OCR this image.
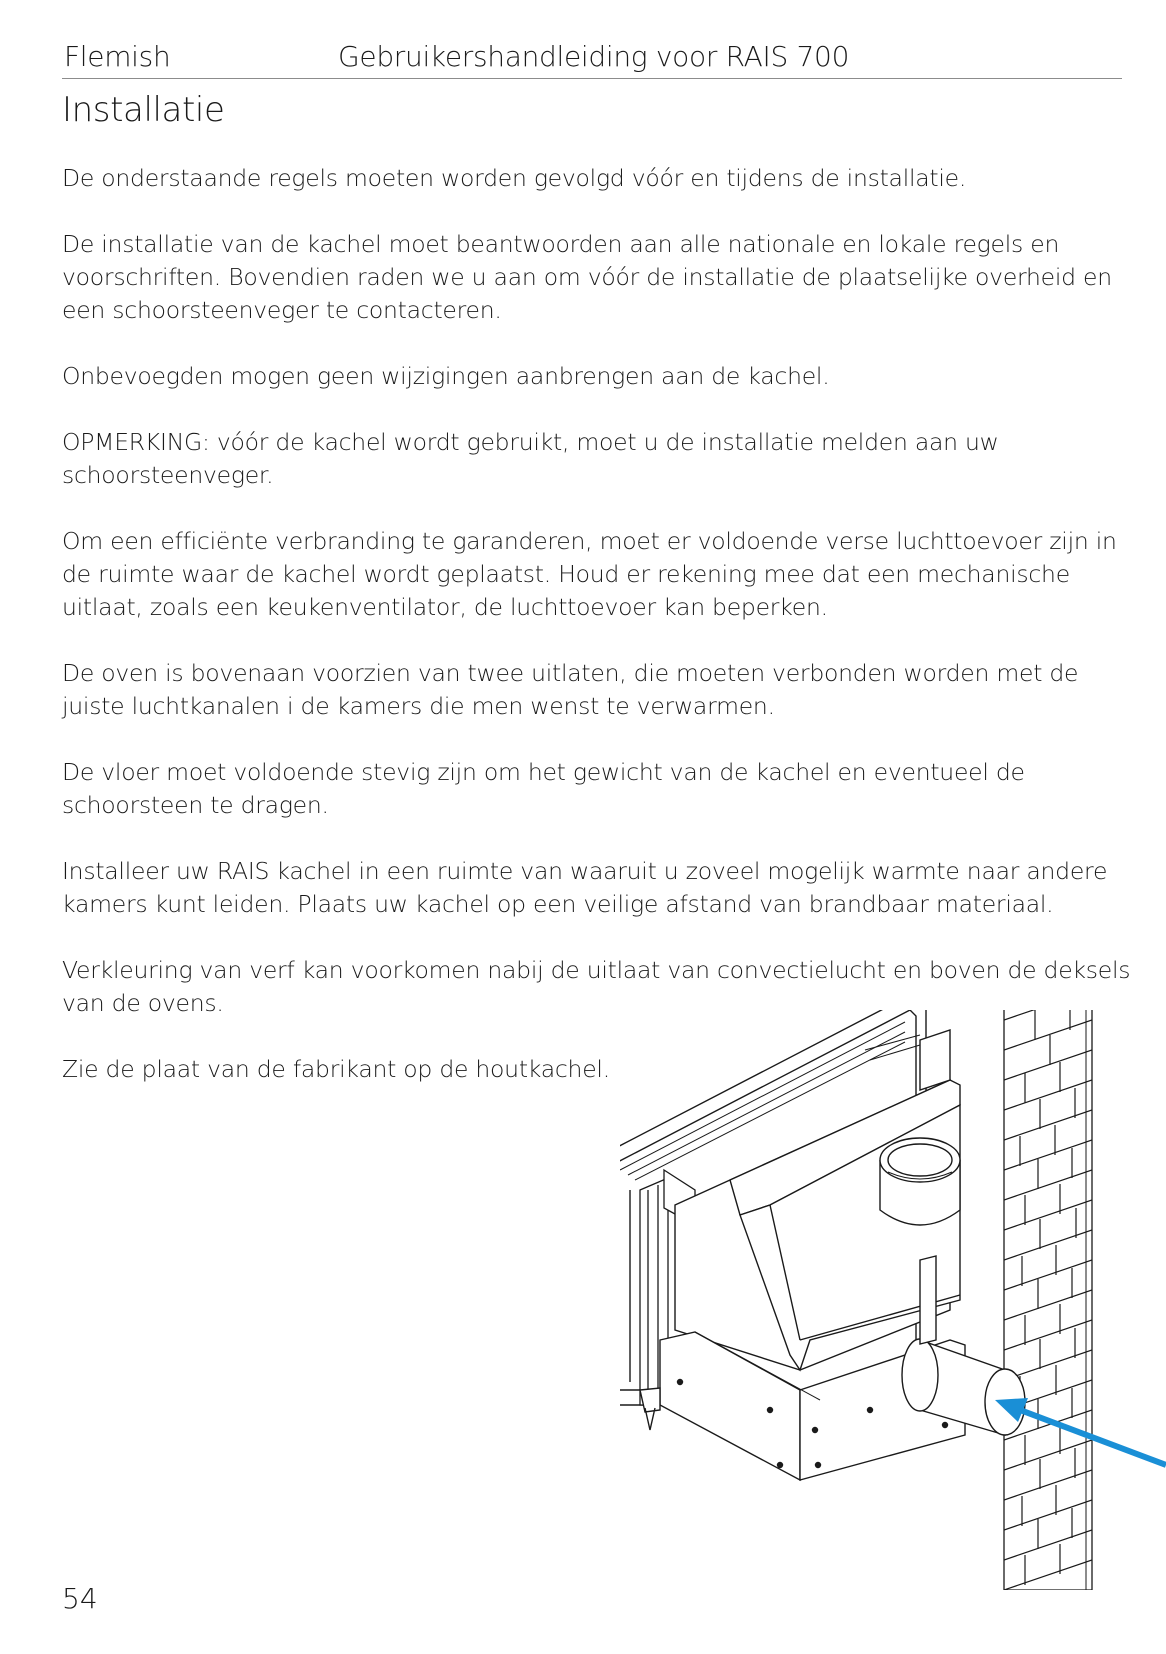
Flemish	Gebruikershandleiding voor RAIS 700
Installatie

De onderstaande regels moeten worden gevolgd vóór en tijdens de installatie.

De installatie van de kachel moet beantwoorden aan alle nationale en lokale regels en voorschriften. Bovendien raden we u aan om vóór de installatie de plaatselijke overheid en een schoorsteenveger te contacteren.

Onbevoegden mogen geen wijzigingen aanbrengen aan de kachel.

OPMERKING: vóór de kachel wordt gebruikt, moet u de installatie melden aan uw schoorsteenveger.

Om een efficiënte verbranding te garanderen, moet er voldoende verse luchttoevoer zijn in de ruimte waar de kachel wordt geplaatst. Houd er rekening mee dat een mechanische uitlaat, zoals een keukenventilator, de luchttoevoer kan beperken.

De oven is bovenaan voorzien van twee uitlaten, die moeten verbonden worden met de juiste luchtkanalen i de kamers die men wenst te verwarmen.

De vloer moet voldoende stevig zijn om het gewicht van de kachel en eventueel de schoorsteen te dragen.

Installeer uw RAIS kachel in een ruimte van waaruit u zoveel mogelijk warmte naar andere kamers kunt leiden. Plaats uw kachel op een veilige afstand van brandbaar materiaal.

Verkleuring van verf kan voorkomen nabij de uitlaat van convectielucht en boven de deksels van de ovens.

Zie de plaat van de fabrikant op de houtkachel.

54
